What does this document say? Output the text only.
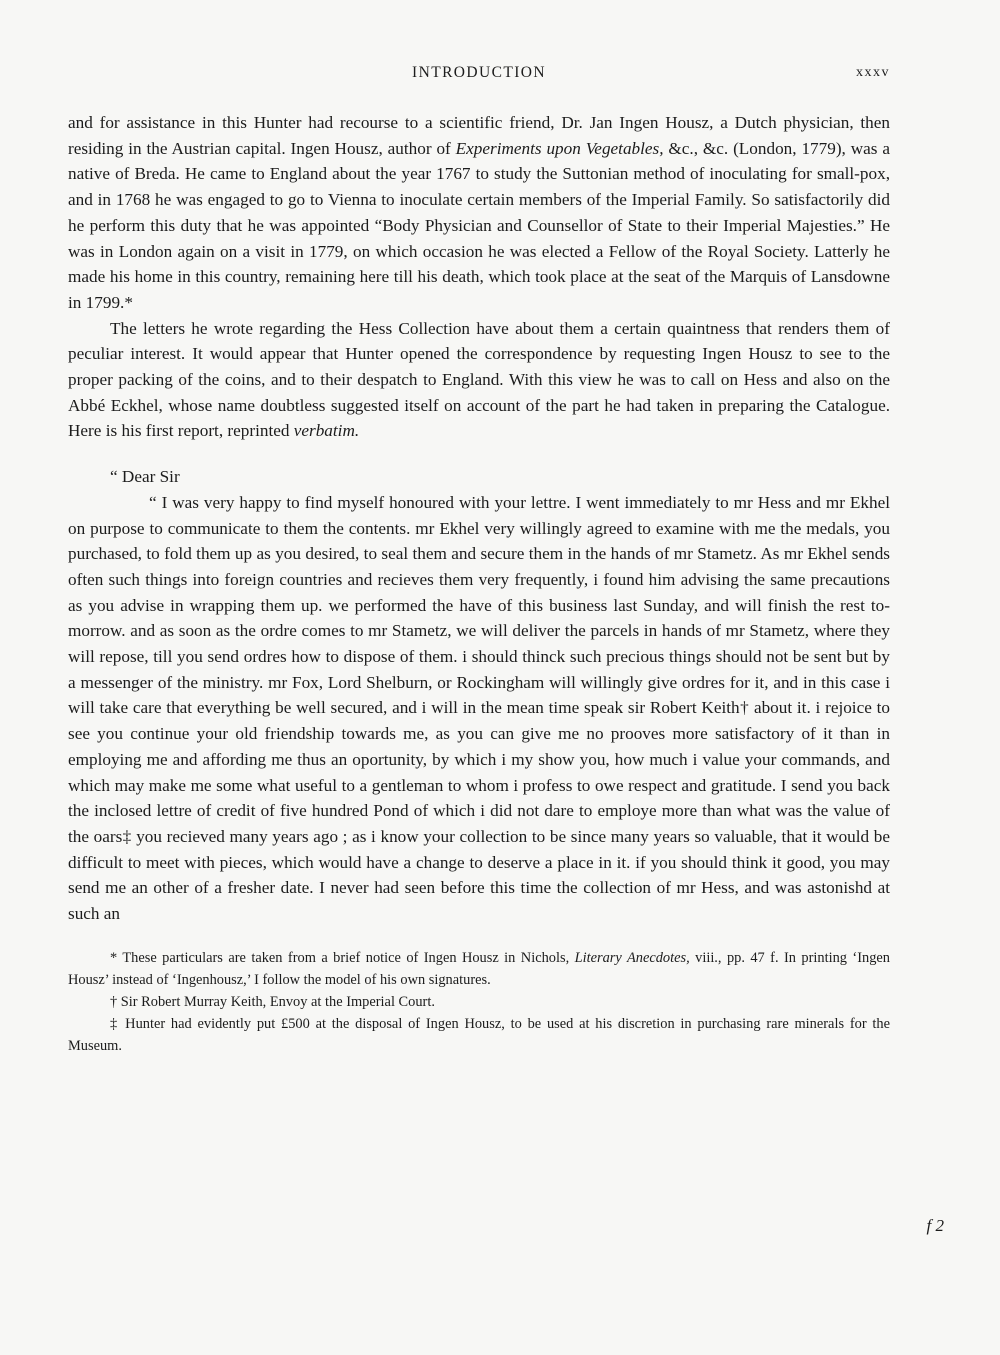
INTRODUCTION	xxxv

and for assistance in this Hunter had recourse to a scientific friend, Dr. Jan Ingen Housz, a Dutch physician, then residing in the Austrian capital. Ingen Housz, author of Experiments upon Vegetables, &c., &c. (London, 1779), was a native of Breda. He came to England about the year 1767 to study the Suttonian method of inoculating for small-pox, and in 1768 he was engaged to go to Vienna to inoculate certain members of the Imperial Family. So satisfactorily did he perform this duty that he was appointed “Body Physician and Counsellor of State to their Imperial Majesties.” He was in London again on a visit in 1779, on which occasion he was elected a Fellow of the Royal Society. Latterly he made his home in this country, remaining here till his death, which took place at the seat of the Marquis of Lansdowne in 1799.*

The letters he wrote regarding the Hess Collection have about them a certain quaintness that renders them of peculiar interest. It would appear that Hunter opened the correspondence by requesting Ingen Housz to see to the proper packing of the coins, and to their despatch to England. With this view he was to call on Hess and also on the Abbé Eckhel, whose name doubtless suggested itself on account of the part he had taken in preparing the Catalogue. Here is his first report, reprinted verbatim.

“ Dear Sir

“ I was very happy to find myself honoured with your lettre. I went immediately to mr Hess and mr Ekhel on purpose to communicate to them the contents. mr Ekhel very willingly agreed to examine with me the medals, you purchased, to fold them up as you desired, to seal them and secure them in the hands of mr Stametz. As mr Ekhel sends often such things into foreign countries and recieves them very frequently, i found him advising the same precautions as you advise in wrapping them up. we performed the have of this business last Sunday, and will finish the rest to-morrow. and as soon as the ordre comes to mr Stametz, we will deliver the parcels in hands of mr Stametz, where they will repose, till you send ordres how to dispose of them. i should thinck such precious things should not be sent but by a messenger of the ministry. mr Fox, Lord Shelburn, or Rockingham will willingly give ordres for it, and in this case i will take care that everything be well secured, and i will in the mean time speak sir Robert Keith† about it. i rejoice to see you continue your old friendship towards me, as you can give me no prooves more satisfactory of it than in employing me and affording me thus an oportunity, by which i my show you, how much i value your commands, and which may make me some what useful to a gentleman to whom i profess to owe respect and gratitude. I send you back the inclosed lettre of credit of five hundred Pond of which i did not dare to employe more than what was the value of the oars‡ you recieved many years ago ; as i know your collection to be since many years so valuable, that it would be difficult to meet with pieces, which would have a change to deserve a place in it. if you should think it good, you may send me an other of a fresher date. I never had seen before this time the collection of mr Hess, and was astonishd at such an

* These particulars are taken from a brief notice of Ingen Housz in Nichols, Literary Anecdotes, viii., pp. 47 f. In printing ‘Ingen Housz’ instead of ‘Ingenhousz,’ I follow the model of his own signatures.

† Sir Robert Murray Keith, Envoy at the Imperial Court.

‡ Hunter had evidently put £500 at the disposal of Ingen Housz, to be used at his discretion in purchasing rare minerals for the Museum.

f 2
